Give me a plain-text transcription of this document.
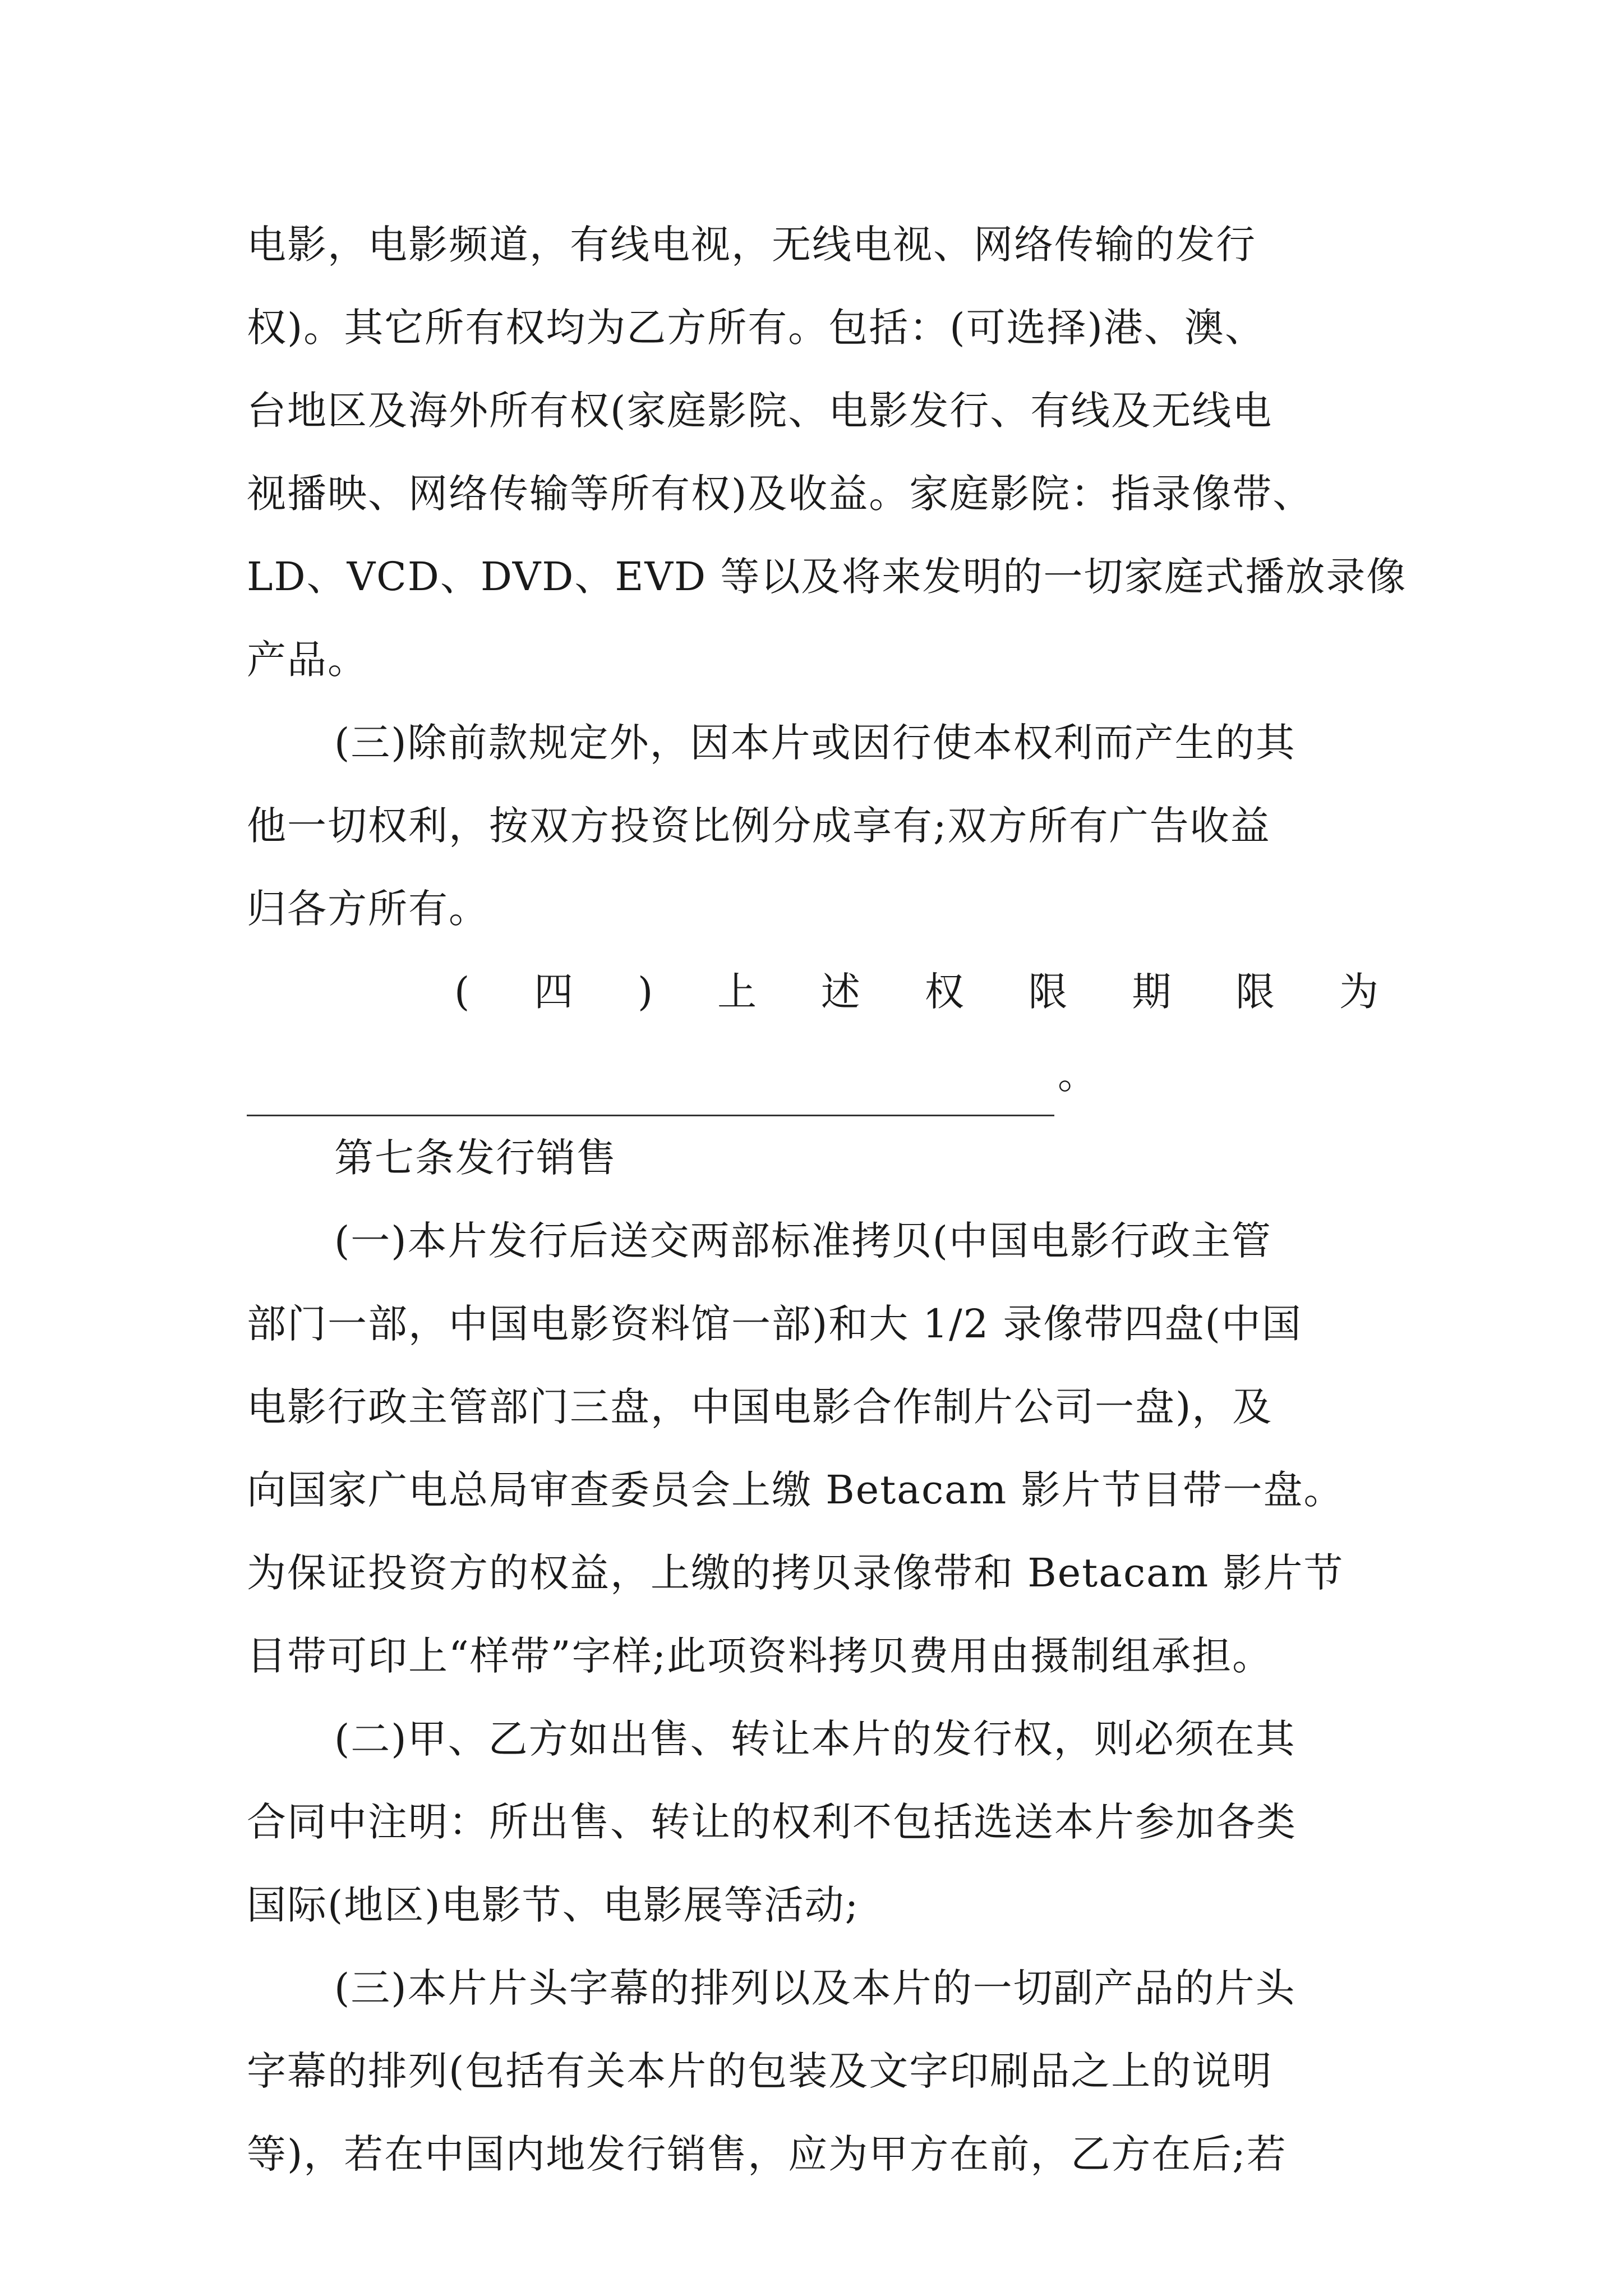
电影，电影频道，有线电视，无线电视、网络传输的发行
权)。其它所有权均为乙方所有。包括：(可选择)港、澳、
台地区及海外所有权(家庭影院、电影发行、有线及无线电
视播映、网络传输等所有权)及收益。家庭影院：指录像带、
LD、VCD、DVD、EVD 等以及将来发明的一切家庭式播放录像
产品。
(三)除前款规定外，因本片或因行使本权利而产生的其
他一切权利，按双方投资比例分成享有;双方所有广告收益
归各方所有。
( 四 ) 上 述 权 限 期 限 为
。
第七条发行销售
(一)本片发行后送交两部标准拷贝(中国电影行政主管
部门一部，中国电影资料馆一部)和大 1/2 录像带四盘(中国
电影行政主管部门三盘，中国电影合作制片公司一盘)，及
向国家广电总局审查委员会上缴 Betacam 影片节目带一盘。
为保证投资方的权益，上缴的拷贝录像带和 Betacam 影片节
目带可印上“样带”字样;此项资料拷贝费用由摄制组承担。
(二)甲、乙方如出售、转让本片的发行权，则必须在其
合同中注明：所出售、转让的权利不包括选送本片参加各类
国际(地区)电影节、电影展等活动;
(三)本片片头字幕的排列以及本片的一切副产品的片头
字幕的排列(包括有关本片的包装及文字印刷品之上的说明
等)，若在中国内地发行销售，应为甲方在前，乙方在后;若
